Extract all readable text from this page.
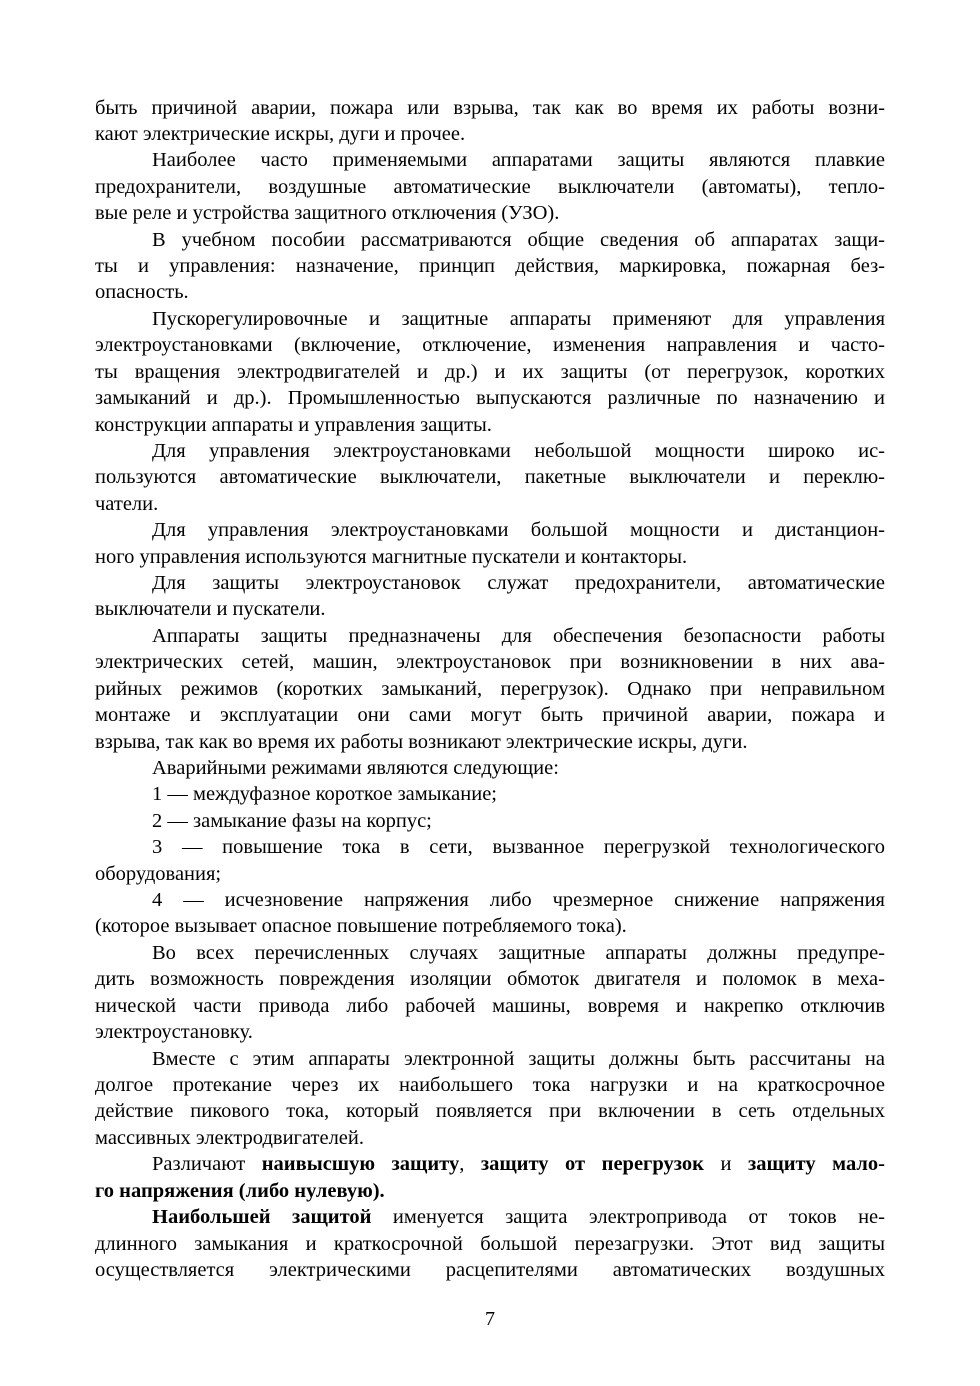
быть причиной аварии, пожара или взрыва, так как во время их работы возни-
кают электрические искры, дуги и прочее.
Наиболее часто применяемыми аппаратами защиты являются плавкие
предохранители, воздушные автоматические выключатели (автоматы), тепло-
вые реле и устройства защитного отключения (УЗО).
В учебном пособии рассматриваются общие сведения об аппаратах защи-
ты и управления: назначение, принцип действия, маркировка, пожарная без-
опасность.
Пускорегулировочные и защитные аппараты применяют для управления
электроустановками (включение, отключение, изменения направления и часто-
ты вращения электродвигателей и др.) и их защиты (от перегрузок, коротких
замыканий и др.). Промышленностью выпускаются различные по назначению и
конструкции аппараты и управления защиты.
Для управления электроустановками небольшой мощности широко ис-
пользуются автоматические выключатели, пакетные выключатели и переклю-
чатели.
Для управления электроустановками большой мощности и дистанцион-
ного управления используются магнитные пускатели и контакторы.
Для защиты электроустановок служат предохранители, автоматические
выключатели и пускатели.
Аппараты защиты предназначены для обеспечения безопасности работы
электрических сетей, машин, электроустановок при возникновении в них ава-
рийных режимов (коротких замыканий, перегрузок). Однако при неправильном
монтаже и эксплуатации они сами могут быть причиной аварии, пожара и
взрыва, так как во время их работы возникают электрические искры, дуги.
Аварийными режимами являются следующие:
1 — междуфазное короткое замыкание;
2 — замыкание фазы на корпус;
3 — повышение тока в сети, вызванное перегрузкой технологического
оборудования;
4 — исчезновение напряжения либо чрезмерное снижение напряжения
(которое вызывает опасное повышение потребляемого тока).
Во всех перечисленных случаях защитные аппараты должны предупре-
дить возможность повреждения изоляции обмоток двигателя и поломок в меха-
нической части привода либо рабочей машины, вовремя и накрепко отключив
электроустановку.
Вместе с этим аппараты электронной защиты должны быть рассчитаны на
долгое протекание через их наибольшего тока нагрузки и на краткосрочное
действие пикового тока, который появляется при включении в сеть отдельных
массивных электродвигателей.
Различают наивысшую защиту, защиту от перегрузок и защиту мало-
го напряжения (либо нулевую).
Наибольшей защитой именуется защита электропривода от токов не-
длинного замыкания и краткосрочной большой перезагрузки. Этот вид защиты
осуществляется электрическими расцепителями автоматических воздушных
7
